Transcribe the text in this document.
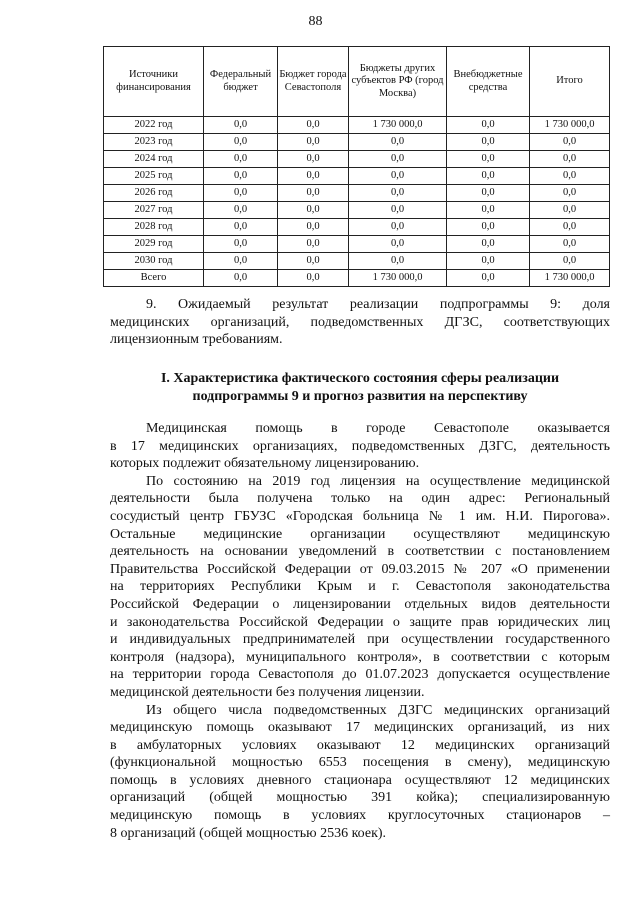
88
Источники финансирования	Федеральный бюджет	Бюджет города Севастополя	Бюджеты других субъектов РФ (город Москва)	Внебюджетные средства	Итого
2022 год	0,0	0,0	1 730 000,0	0,0	1 730 000,0
2023 год	0,0	0,0	0,0	0,0	0,0
2024 год	0,0	0,0	0,0	0,0	0,0
2025 год	0,0	0,0	0,0	0,0	0,0
2026 год	0,0	0,0	0,0	0,0	0,0
2027 год	0,0	0,0	0,0	0,0	0,0
2028 год	0,0	0,0	0,0	0,0	0,0
2029 год	0,0	0,0	0,0	0,0	0,0
2030 год	0,0	0,0	0,0	0,0	0,0
Всего	0,0	0,0	1 730 000,0	0,0	1 730 000,0

9. Ожидаемый результат реализации подпрограммы 9: доля

медицинских организаций, подведомственных ДГЗС, соответствующих

лицензионным требованиям.

I. Характеристика фактического состояния сферы реализации

подпрограммы 9 и прогноз развития на перспективу

Медицинская помощь в городе Севастополе оказывается

в 17 медицинских организациях, подведомственных ДЗГС, деятельность

которых подлежит обязательному лицензированию.

По состоянию на 2019 год лицензия на осуществление медицинской

деятельности была получена только на один адрес: Региональный

сосудистый центр ГБУЗС «Городская больница № 1 им. Н.И. Пирогова».

Остальные медицинские организации осуществляют медицинскую

деятельность на основании уведомлений в соответствии с постановлением

Правительства Российской Федерации от 09.03.2015 № 207 «О применении

на территориях Республики Крым и г. Севастополя законодательства

Российской Федерации о лицензировании отдельных видов деятельности

и законодательства Российской Федерации о защите прав юридических лиц

и индивидуальных предпринимателей при осуществлении государственного

контроля (надзора), муниципального контроля», в соответствии с которым

на территории города Севастополя до 01.07.2023 допускается осуществление

медицинской деятельности без получения лицензии.

Из общего числа подведомственных ДЗГС медицинских организаций

медицинскую помощь оказывают 17 медицинских организаций, из них

в амбулаторных условиях оказывают 12 медицинских организаций

(функциональной мощностью 6553 посещения в смену), медицинскую

помощь в условиях дневного стационара осуществляют 12 медицинских

организаций (общей мощностью 391 койка); специализированную

медицинскую помощь в условиях круглосуточных стационаров –

8 организаций (общей мощностью 2536 коек).
